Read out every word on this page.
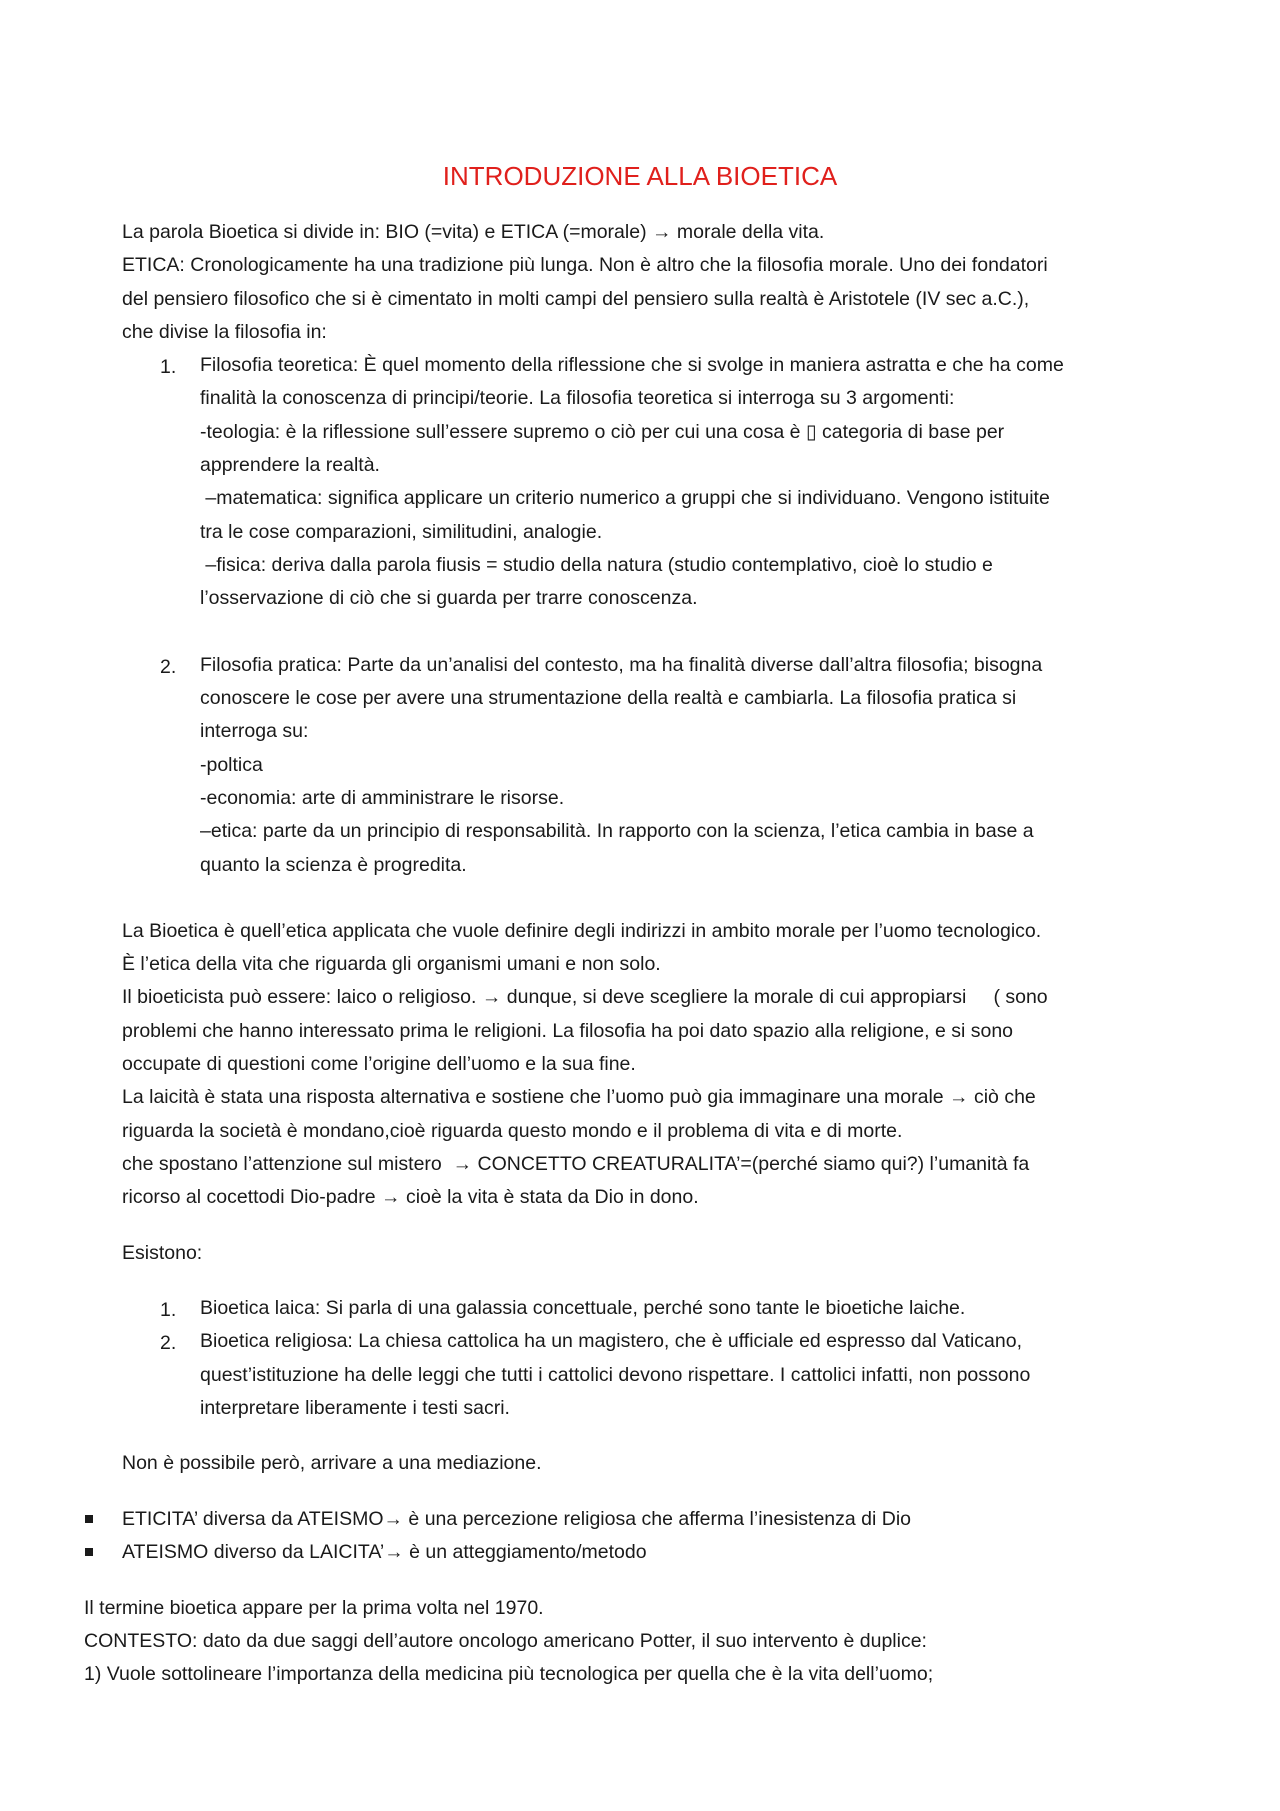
INTRODUZIONE ALLA BIOETICA
La parola Bioetica si divide in: BIO (=vita) e ETICA (=morale) → morale della vita.
ETICA: Cronologicamente ha una tradizione più lunga. Non è altro che la filosofia morale. Uno dei fondatori
del pensiero filosofico che si è cimentato in molti campi del pensiero sulla realtà è Aristotele (IV sec a.C.),
che divise la filosofia in:
1. Filosofia teoretica: È quel momento della riflessione che si svolge in maniera astratta e che ha come
finalità la conoscenza di principi/teorie. La filosofia teoretica si interroga su 3 argomenti:
-teologia: è la riflessione sull’essere supremo o ciò per cui una cosa è ▯ categoria di base per
apprendere la realtà.
–matematica: significa applicare un criterio numerico a gruppi che si individuano. Vengono istituite
tra le cose comparazioni, similitudini, analogie.
–fisica: deriva dalla parola fiusis = studio della natura (studio contemplativo, cioè lo studio e
l’osservazione di ciò che si guarda per trarre conoscenza.
2. Filosofia pratica: Parte da un’analisi del contesto, ma ha finalità diverse dall’altra filosofia; bisogna
conoscere le cose per avere una strumentazione della realtà e cambiarla. La filosofia pratica si
interroga su:
-poltica
-economia: arte di amministrare le risorse.
–etica: parte da un principio di responsabilità. In rapporto con la scienza, l’etica cambia in base a
quanto la scienza è progredita.
La Bioetica è quell’etica applicata che vuole definire degli indirizzi in ambito morale per l’uomo tecnologico.
È l’etica della vita che riguarda gli organismi umani e non solo.
Il bioeticista può essere: laico o religioso. → dunque, si deve scegliere la morale di cui appropiarsi     ( sono
problemi che hanno interessato prima le religioni. La filosofia ha poi dato spazio alla religione, e si sono
occupate di questioni come l’origine dell’uomo e la sua fine.
La laicità è stata una risposta alternativa e sostiene che l’uomo può gia immaginare una morale → ciò che
riguarda la società è mondano,cioè riguarda questo mondo e il problema di vita e di morte.
che spostano l’attenzione sul mistero  → CONCETTO CREATURALITA’=(perché siamo qui?) l’umanità fa
ricorso al cocettodi Dio-padre → cioè la vita è stata da Dio in dono.
Esistono:
1. Bioetica laica: Si parla di una galassia concettuale, perché sono tante le bioetiche laiche.
2. Bioetica religiosa: La chiesa cattolica ha un magistero, che è ufficiale ed espresso dal Vaticano,
quest’istituzione ha delle leggi che tutti i cattolici devono rispettare. I cattolici infatti, non possono
interpretare liberamente i testi sacri.
Non è possibile però, arrivare a una mediazione.
ETICITA’ diversa da ATEISMO→ è una percezione religiosa che afferma l’inesistenza di Dio
ATEISMO diverso da LAICITA’→ è un atteggiamento/metodo
Il termine bioetica appare per la prima volta nel 1970.
CONTESTO: dato da due saggi dell’autore oncologo americano Potter, il suo intervento è duplice:
1) Vuole sottolineare l’importanza della medicina più tecnologica per quella che è la vita dell’uomo;
